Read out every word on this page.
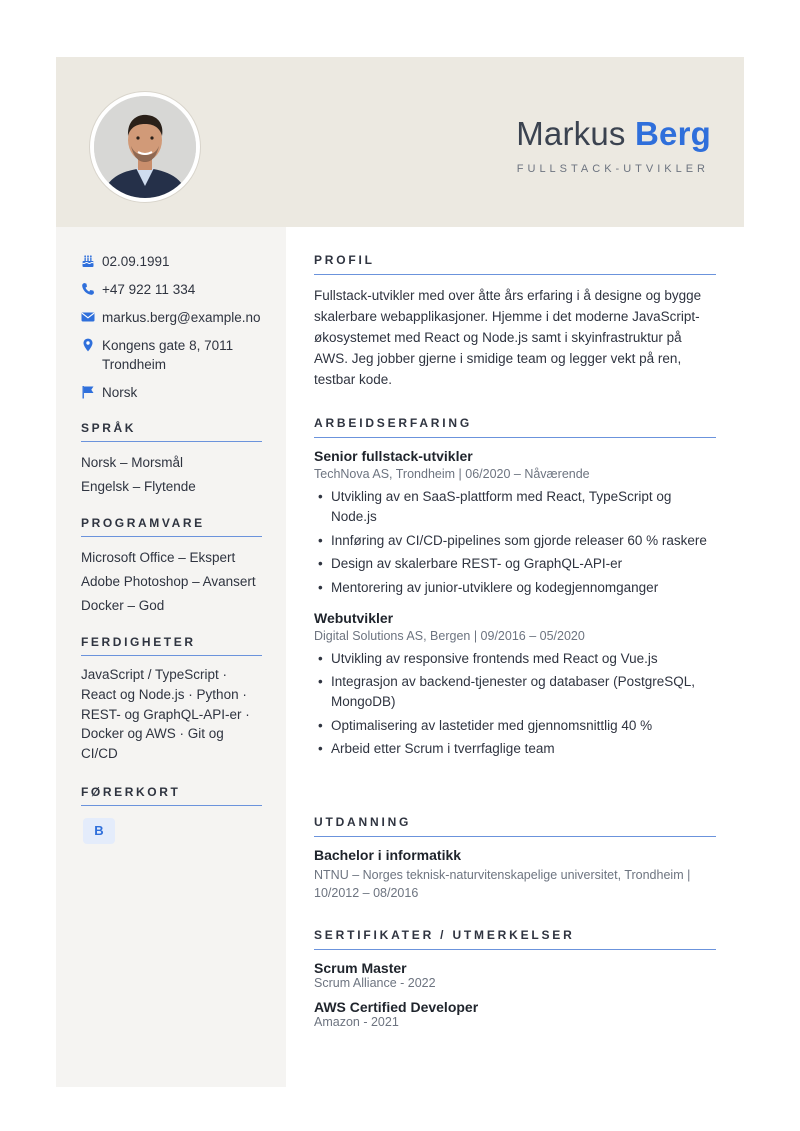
Markus Berg
FULLSTACK-UTVIKLER
02.09.1991
+47 922 11 334
markus.berg@example.no
Kongens gate 8, 7011 Trondheim
Norsk
SPRÅK
Norsk – Morsmål
Engelsk – Flytende
PROGRAMVARE
Microsoft Office – Ekspert
Adobe Photoshop – Avansert
Docker – God
FERDIGHETER
JavaScript / TypeScript · React og Node.js · Python · REST- og GraphQL-API-er · Docker og AWS · Git og CI/CD
FØRERKORT
B
PROFIL
Fullstack-utvikler med over åtte års erfaring i å designe og bygge skalerbare webapplikasjoner. Hjemme i det moderne JavaScript-økosystemet med React og Node.js samt i skyinfrastruktur på AWS. Jeg jobber gjerne i smidige team og legger vekt på ren, testbar kode.
ARBEIDSERFARING
Senior fullstack-utvikler
TechNova AS, Trondheim | 06/2020 – Nåværende
• Utvikling av en SaaS-plattform med React, TypeScript og Node.js
• Innføring av CI/CD-pipelines som gjorde releaser 60 % raskere
• Design av skalerbare REST- og GraphQL-API-er
• Mentorering av junior-utviklere og kodegjennomganger
Webutvikler
Digital Solutions AS, Bergen | 09/2016 – 05/2020
• Utvikling av responsive frontends med React og Vue.js
• Integrasjon av backend-tjenester og databaser (PostgreSQL, MongoDB)
• Optimalisering av lastetider med gjennomsnittlig 40 %
• Arbeid etter Scrum i tverrfaglige team
UTDANNING
Bachelor i informatikk
NTNU – Norges teknisk-naturvitenskapelige universitet, Trondheim | 10/2012 – 08/2016
SERTIFIKATER / UTMERKELSER
Scrum Master
Scrum Alliance - 2022
AWS Certified Developer
Amazon - 2021
